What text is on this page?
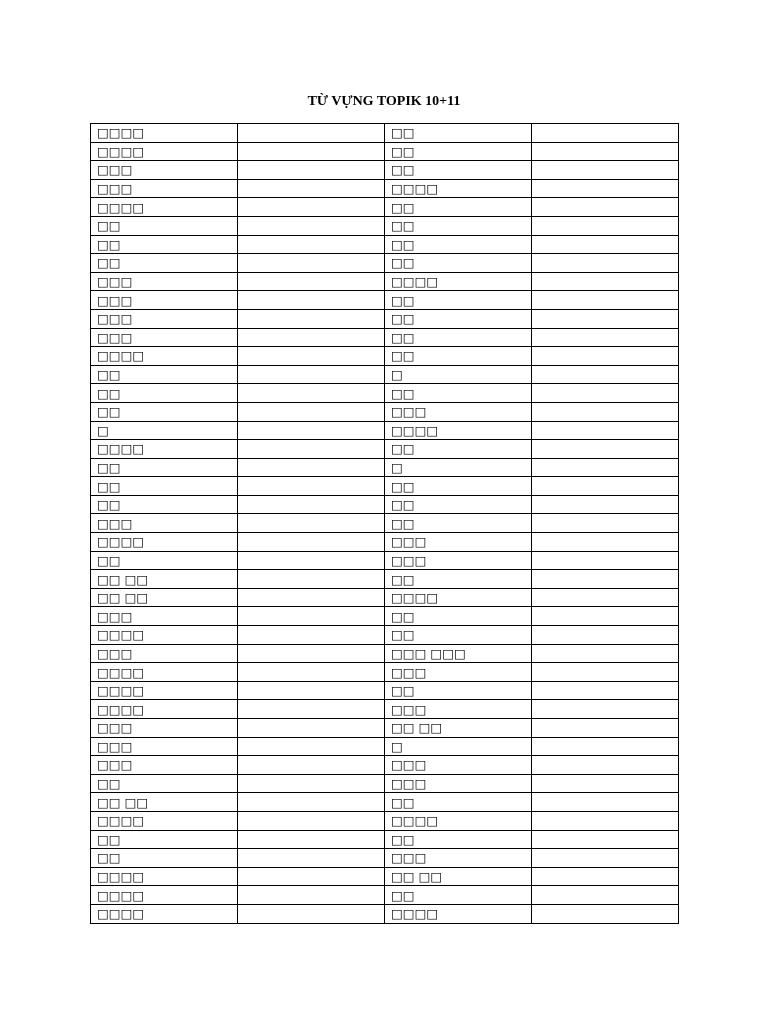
TỪ VỰNG TOPIK 10+11
□□□□		□□	
□□□□		□□	
□□□		□□	
□□□		□□□□	
□□□□		□□	
□□		□□	
□□		□□	
□□		□□	
□□□		□□□□	
□□□		□□	
□□□		□□	
□□□		□□	
□□□□		□□	
□□		□	
□□		□□	
□□		□□□	
□		□□□□	
□□□□		□□	
□□		□	
□□		□□	
□□		□□	
□□□		□□	
□□□□		□□□	
□□		□□□	
□□ □□		□□	
□□ □□		□□□□	
□□□		□□	
□□□□		□□	
□□□		□□□ □□□	
□□□□		□□□	
□□□□		□□	
□□□□		□□□	
□□□		□□ □□	
□□□		□	
□□□		□□□	
□□		□□□	
□□ □□		□□	
□□□□		□□□□	
□□		□□	
□□		□□□	
□□□□		□□ □□	
□□□□		□□	
□□□□		□□□□	
